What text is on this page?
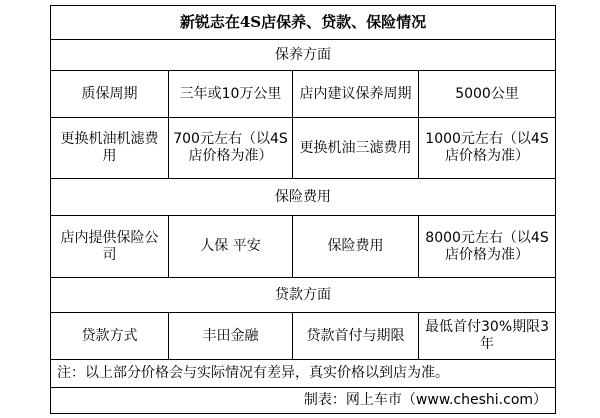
新锐志在4S店保养、贷款、保险情况			
保养方面			
质保周期	三年或10万公里	店内建议保养周期	5000公里
更换机油机滤费用	700元左右（以4S店价格为准）	更换机油三滤费用	1000元左右（以4S店价格为准）
保险费用			
店内提供保险公司	人保 平安	保险费用	8000元左右（以4S店价格为准）
贷款方面			
贷款方式	丰田金融	贷款首付与期限	最低首付30%期限3年
注：以上部分价格会与实际情况有差异，真实价格以到店为准。			
制表：网上车市（www.cheshi.com）			
